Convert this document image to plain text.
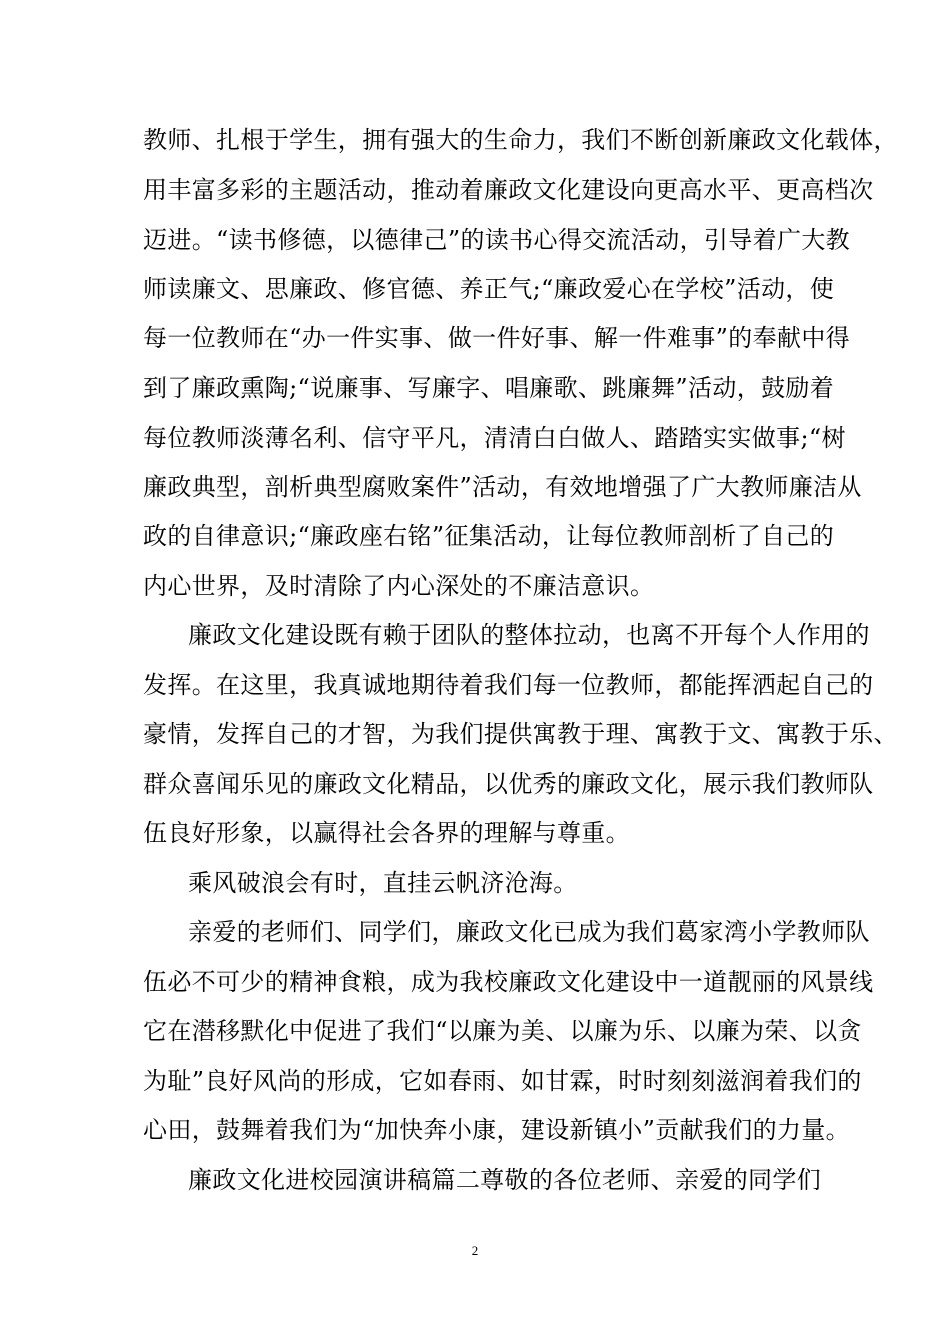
教师、扎根于学生，拥有强大的生命力，我们不断创新廉政文化载体，
用丰富多彩的主题活动，推动着廉政文化建设向更高水平、更高档次
迈进。“读书修德，以德律己”的读书心得交流活动，引导着广大教
师读廉文、思廉政、修官德、养正气;“廉政爱心在学校”活动，使
每一位教师在“办一件实事、做一件好事、解一件难事”的奉献中得
到了廉政熏陶;“说廉事、写廉字、唱廉歌、跳廉舞”活动，鼓励着
每位教师淡薄名利、信守平凡，清清白白做人、踏踏实实做事;“树
廉政典型，剖析典型腐败案件”活动，有效地增强了广大教师廉洁从
政的自律意识;“廉政座右铭”征集活动，让每位教师剖析了自己的
内心世界，及时清除了内心深处的不廉洁意识。
廉政文化建设既有赖于团队的整体拉动，也离不开每个人作用的
发挥。在这里，我真诚地期待着我们每一位教师，都能挥洒起自己的
豪情，发挥自己的才智，为我们提供寓教于理、寓教于文、寓教于乐、
群众喜闻乐见的廉政文化精品，以优秀的廉政文化，展示我们教师队
伍良好形象，以赢得社会各界的理解与尊重。
乘风破浪会有时，直挂云帆济沧海。
亲爱的老师们、同学们，廉政文化已成为我们葛家湾小学教师队
伍必不可少的精神食粮，成为我校廉政文化建设中一道靓丽的风景线
它在潜移默化中促进了我们“以廉为美、以廉为乐、以廉为荣、以贪
为耻”良好风尚的形成，它如春雨、如甘霖，时时刻刻滋润着我们的
心田，鼓舞着我们为“加快奔小康，建设新镇小”贡献我们的力量。
廉政文化进校园演讲稿篇二尊敬的各位老师、亲爱的同学们
2
